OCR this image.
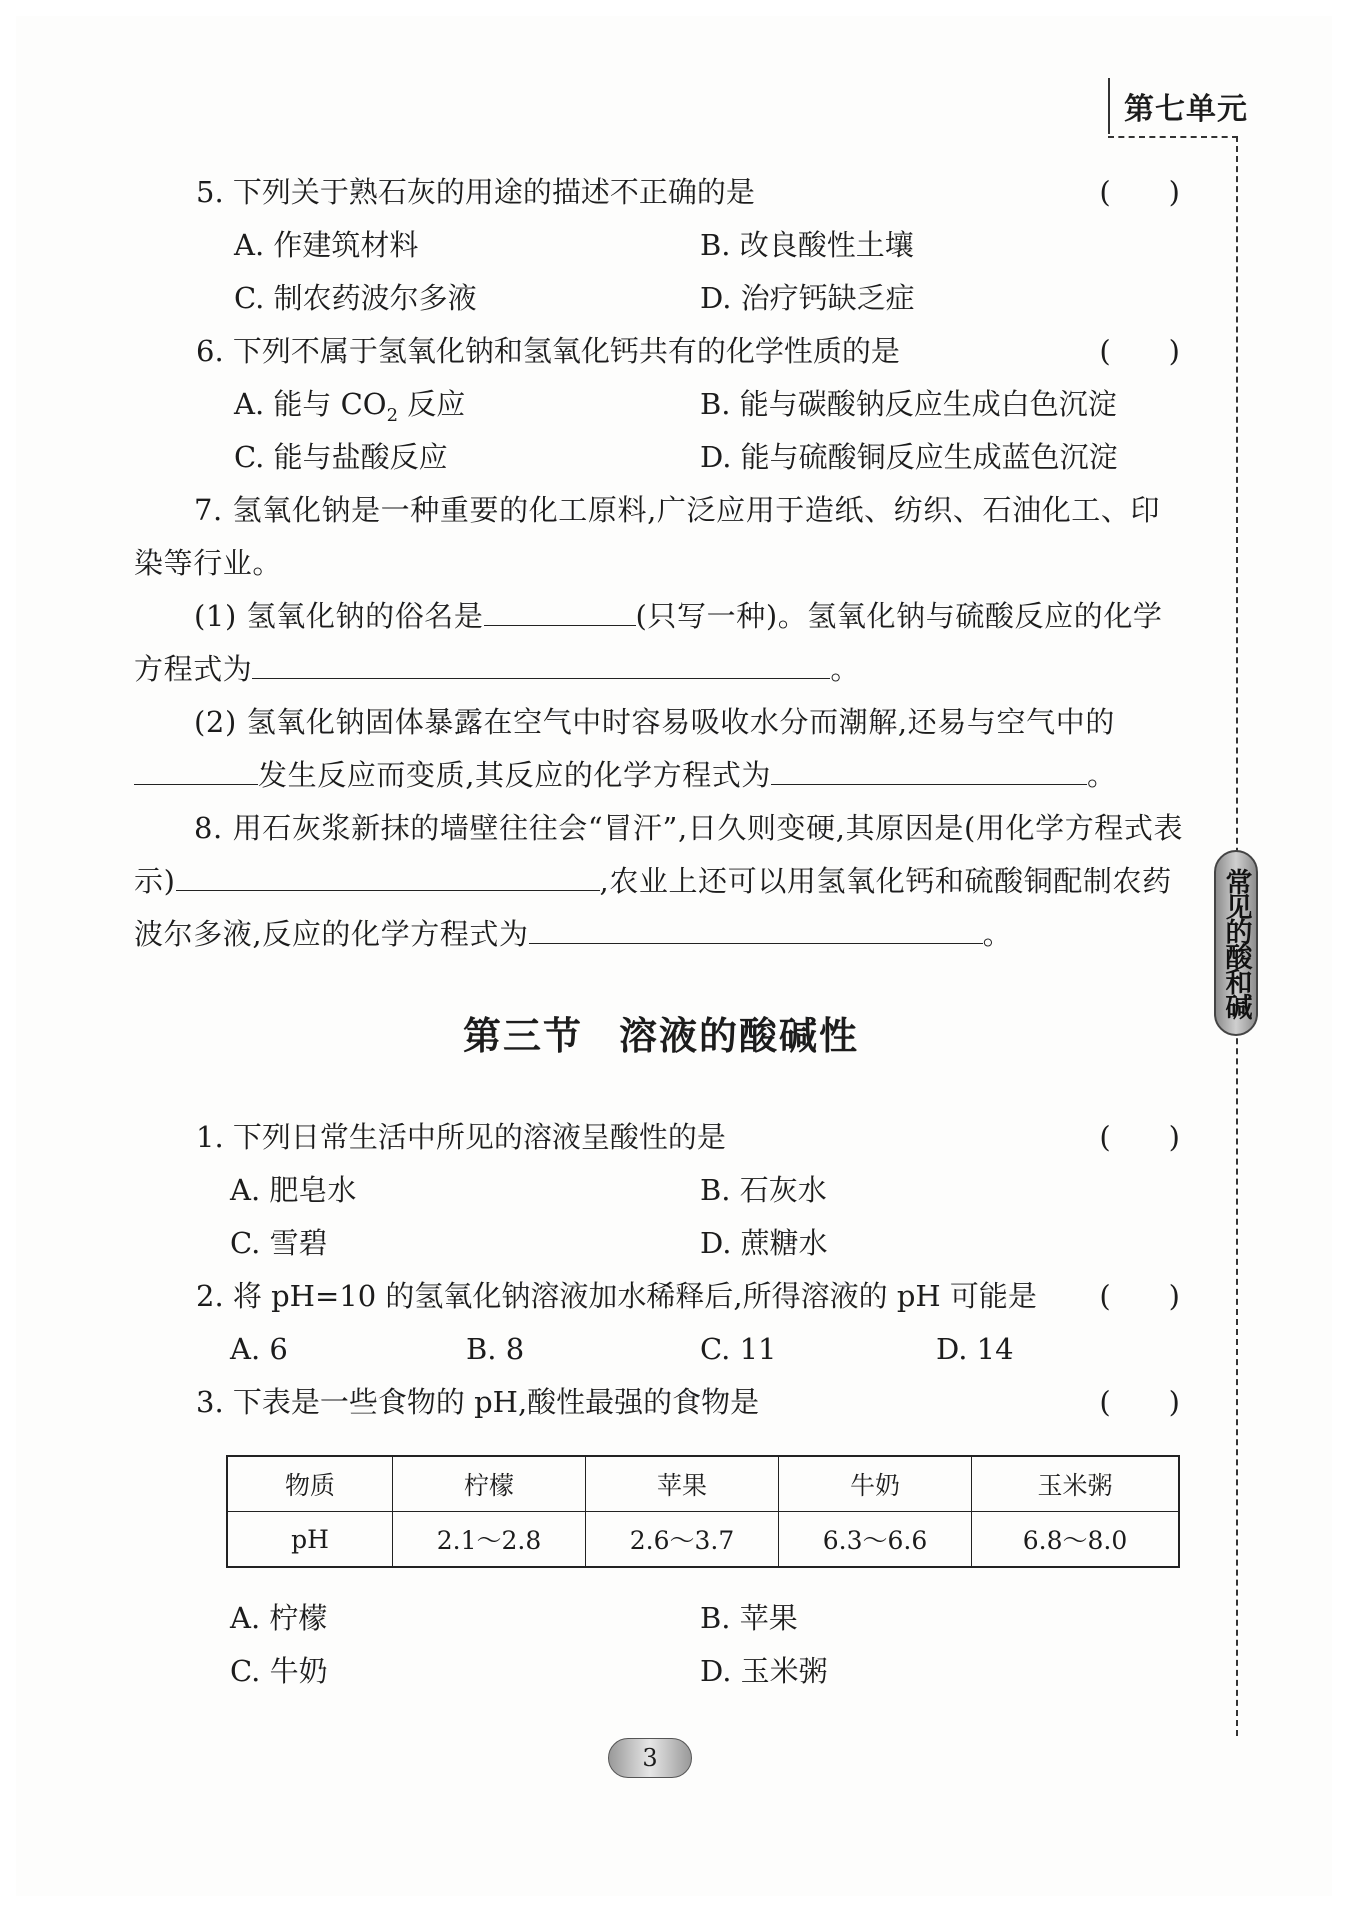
第七单元
常见的酸和碱
5. 下列关于熟石灰的用途的描述不正确的是	(　　)
A. 作建筑材料	B. 改良酸性土壤
C. 制农药波尔多液	D. 治疗钙缺乏症
6. 下列不属于氢氧化钠和氢氧化钙共有的化学性质的是	(　　)
A. 能与 $CO_2$ 反应	B. 能与碳酸钠反应生成白色沉淀
C. 能与盐酸反应	D. 能与硫酸铜反应生成蓝色沉淀

7. 氢氧化钠是一种重要的化工原料,广泛应用于造纸、纺织、石油化工、印染等行业。

(1) 氢氧化钠的俗名是	(只写一种)。氢氧化钠与硫酸反应的化学方程式为	。

(2) 氢氧化钠固体暴露在空气中时容易吸收水分而潮解,还易与空气中的发生反应而变质,其反应的化学方程式为	。

8. 用石灰浆新抹的墙壁往往会“冒汗”,日久则变硬,其原因是(用化学方程式表示)	,农业上还可以用氢氧化钙和硫酸铜配制农药波尔多液,反应的化学方程式为	。

第三节 溶液的酸碱性
1. 下列日常生活中所见的溶液呈酸性的是	(　　)
A. 肥皂水	B. 石灰水
C. 雪碧	D. 蔗糖水
2. 将 pH=10 的氢氧化钠溶液加水稀释后,所得溶液的 pH 可能是 (　　)
A. 6	B. 8	C. 11	D. 14
3. 下表是一些食物的 pH,酸性最强的食物是	(　　)
物质	柠檬	苹果	牛奶	玉米粥
pH	2.1～2.8	2.6～3.7	6.3～6.6	6.8～8.0
A. 柠檬	B. 苹果
C. 牛奶	D. 玉米粥
3
